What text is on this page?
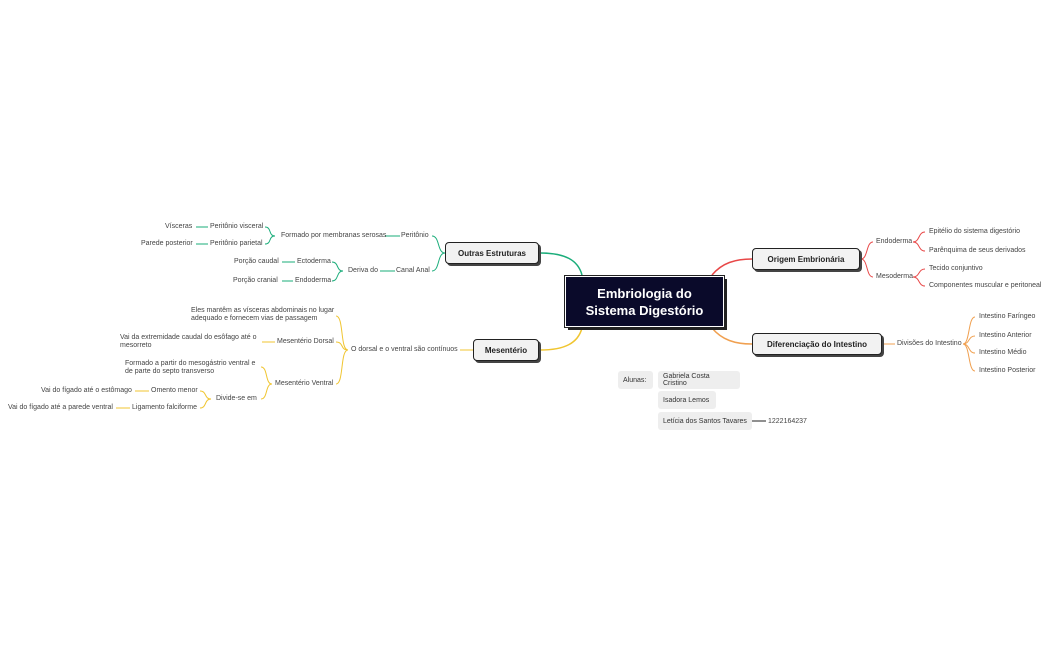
Embriologia do
Sistema Digestório
Outras Estruturas
Mesentério
Origem Embrionária
Diferenciação do Intestino
Peritônio
Formado por membranas serosas
Peritônio visceral
Vísceras
Peritônio parietal
Parede posterior
Canal Anal
Deriva do
Ectoderma
Porção caudal
Endoderma
Porção cranial
O dorsal e o ventral são contínuos
Eles mantêm as vísceras abdominais no lugar adequado e fornecem vias de passagem
Mesentério Dorsal
Vai da extremidade caudal do esôfago até o mesorreto
Mesentério Ventral
Formado a partir do mesogástrio ventral e de parte do septo transverso
Divide-se em
Omento menor
Vai do fígado até o estômago
Ligamento falciforme
Vai do fígado até a parede ventral
Endoderma
Epitélio do sistema digestório
Parênquima de seus derivados
Mesoderma
Tecido conjuntivo
Componentes muscular e peritoneal
Divisões do Intestino
Intestino Faríngeo
Intestino Anterior
Intestino Médio
Intestino Posterior
Alunas: Gabriela Costa Cristino
Isadora Lemos
Letícia dos Santos Tavares	1222164237
